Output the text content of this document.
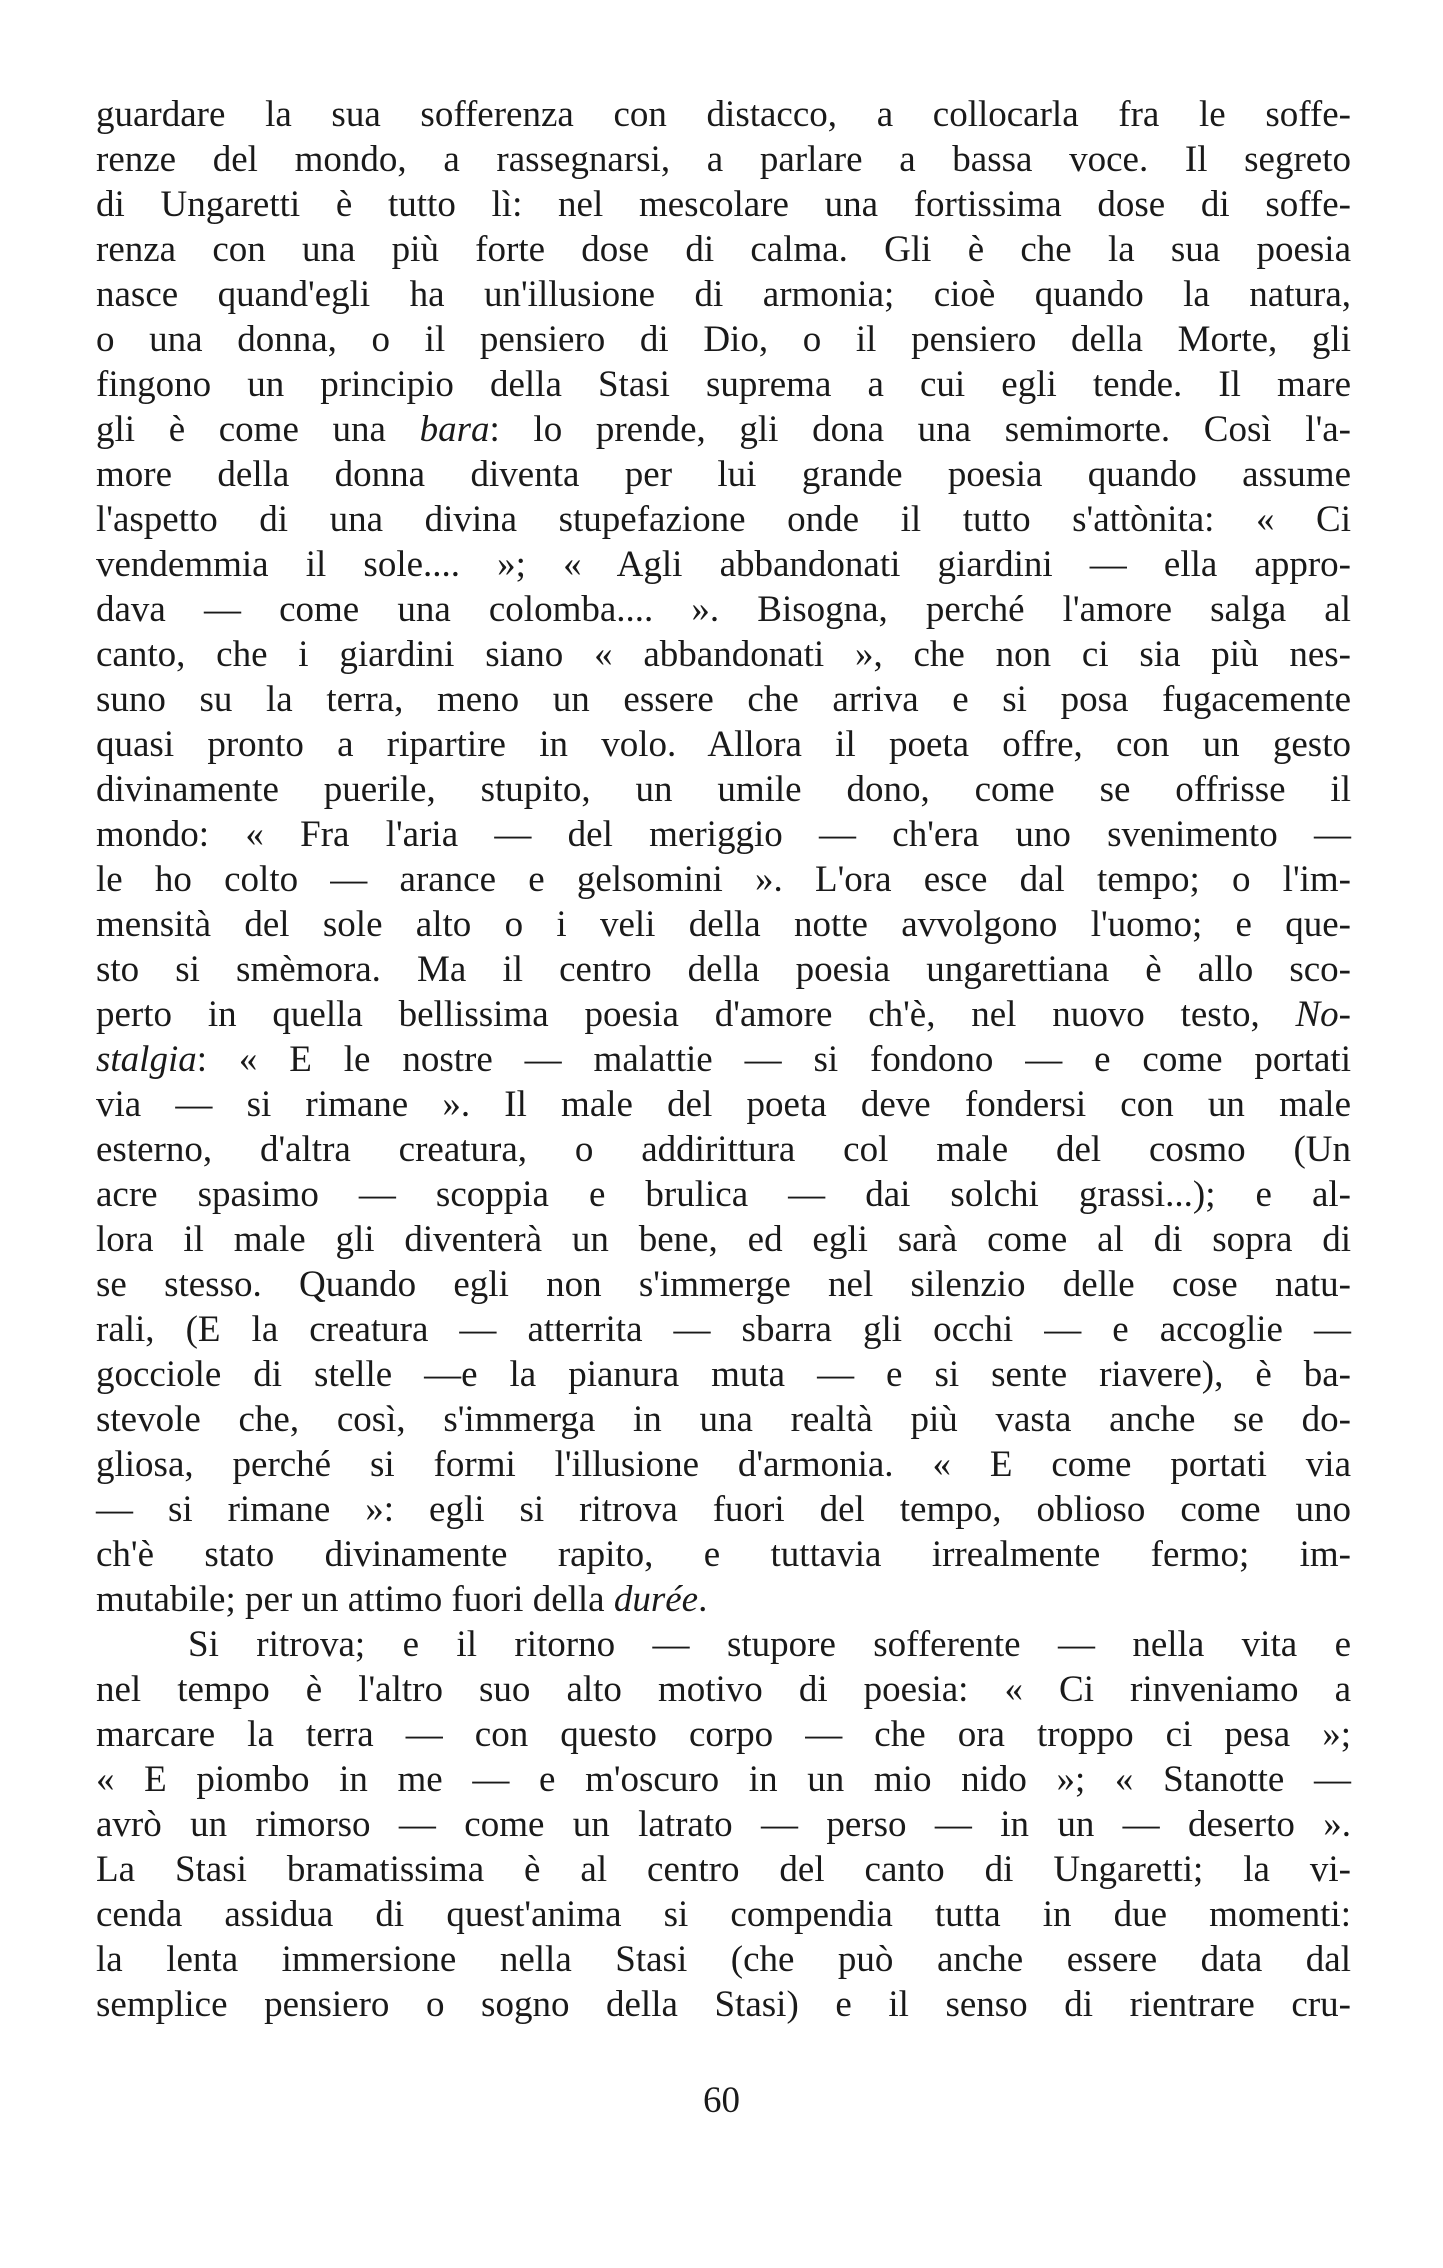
guardare la sua sofferenza con distacco, a collocarla fra le soffe-
renze del mondo, a rassegnarsi, a parlare a bassa voce. Il segreto
di Ungaretti è tutto lì: nel mescolare una fortissima dose di soffe-
renza con una più forte dose di calma. Gli è che la sua poesia
nasce quand'egli ha un'illusione di armonia; cioè quando la natura,
o una donna, o il pensiero di Dio, o il pensiero della Morte, gli
fingono un principio della Stasi suprema a cui egli tende. Il mare
gli è come una bara: lo prende, gli dona una semimorte. Così l'a-
more della donna diventa per lui grande poesia quando assume
l'aspetto di una divina stupefazione onde il tutto s'attònita: « Ci
vendemmia il sole.... »; « Agli abbandonati giardini — ella appro-
dava — come una colomba.... ». Bisogna, perché l'amore salga al
canto, che i giardini siano « abbandonati », che non ci sia più nes-
suno su la terra, meno un essere che arriva e si posa fugacemente
quasi pronto a ripartire in volo. Allora il poeta offre, con un gesto
divinamente puerile, stupito, un umile dono, come se offrisse il
mondo: « Fra l'aria — del meriggio — ch'era uno svenimento —
le ho colto — arance e gelsomini ». L'ora esce dal tempo; o l'im-
mensità del sole alto o i veli della notte avvolgono l'uomo; e que-
sto si smèmora. Ma il centro della poesia ungarettiana è allo sco-
perto in quella bellissima poesia d'amore ch'è, nel nuovo testo, No-
stalgia: « E le nostre — malattie — si fondono — e come portati
via — si rimane ». Il male del poeta deve fondersi con un male
esterno, d'altra creatura, o addirittura col male del cosmo (Un
acre spasimo — scoppia e brulica — dai solchi grassi...); e al-
lora il male gli diventerà un bene, ed egli sarà come al di sopra di
se stesso. Quando egli non s'immerge nel silenzio delle cose natu-
rali, (E la creatura — atterrita — sbarra gli occhi — e accoglie —
gocciole di stelle —e la pianura muta — e si sente riavere), è ba-
stevole che, così, s'immerga in una realtà più vasta anche se do-
gliosa, perché si formi l'illusione d'armonia. « E come portati via
— si rimane »: egli si ritrova fuori del tempo, oblioso come uno
ch'è stato divinamente rapito, e tuttavia irrealmente fermo; im-
mutabile; per un attimo fuori della durée.
Si ritrova; e il ritorno — stupore sofferente — nella vita e
nel tempo è l'altro suo alto motivo di poesia: « Ci rinveniamo a
marcare la terra — con questo corpo — che ora troppo ci pesa »;
« E piombo in me — e m'oscuro in un mio nido »; « Stanotte —
avrò un rimorso — come un latrato — perso — in un — deserto ».
La Stasi bramatissima è al centro del canto di Ungaretti; la vi-
cenda assidua di quest'anima si compendia tutta in due momenti:
la lenta immersione nella Stasi (che può anche essere data dal
semplice pensiero o sogno della Stasi) e il senso di rientrare cru-
60
